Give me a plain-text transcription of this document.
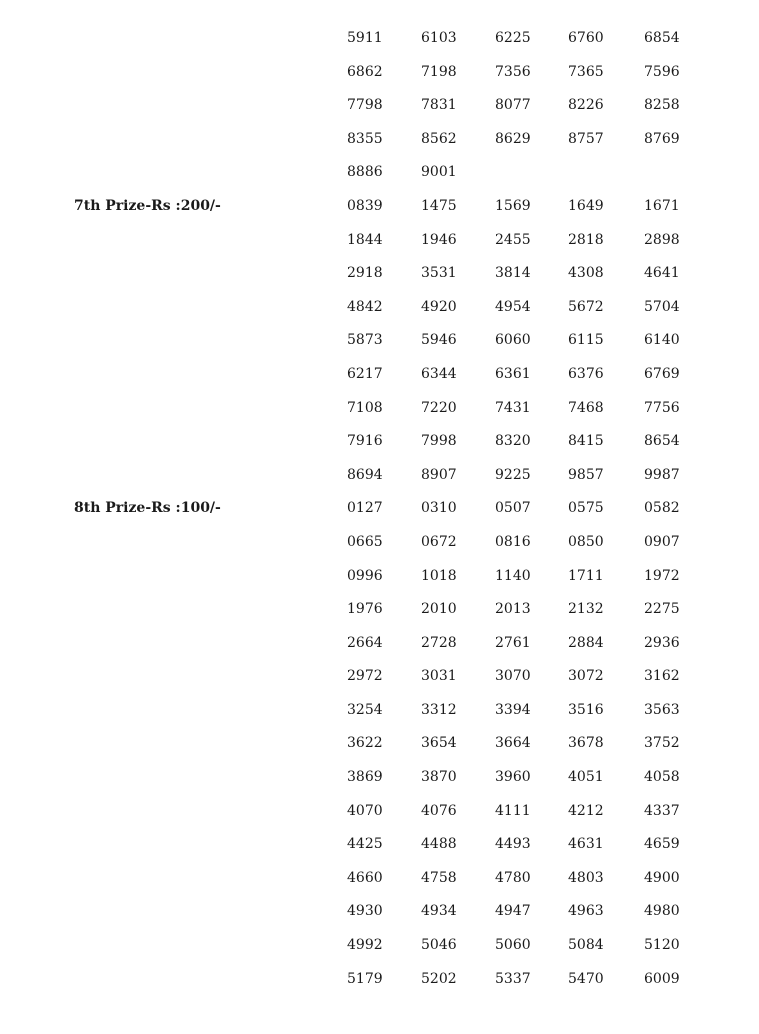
5911	6103	6225	6760	6854
6862	7198	7356	7365	7596
7798	7831	8077	8226	8258
8355	8562	8629	8757	8769
8886	9001
7th Prize-Rs :200/-	0839	1475	1569	1649	1671
1844	1946	2455	2818	2898
2918	3531	3814	4308	4641
4842	4920	4954	5672	5704
5873	5946	6060	6115	6140
6217	6344	6361	6376	6769
7108	7220	7431	7468	7756
7916	7998	8320	8415	8654
8694	8907	9225	9857	9987
8th Prize-Rs :100/-	0127	0310	0507	0575	0582
0665	0672	0816	0850	0907
0996	1018	1140	1711	1972
1976	2010	2013	2132	2275
2664	2728	2761	2884	2936
2972	3031	3070	3072	3162
3254	3312	3394	3516	3563
3622	3654	3664	3678	3752
3869	3870	3960	4051	4058
4070	4076	4111	4212	4337
4425	4488	4493	4631	4659
4660	4758	4780	4803	4900
4930	4934	4947	4963	4980
4992	5046	5060	5084	5120
5179	5202	5337	5470	6009
